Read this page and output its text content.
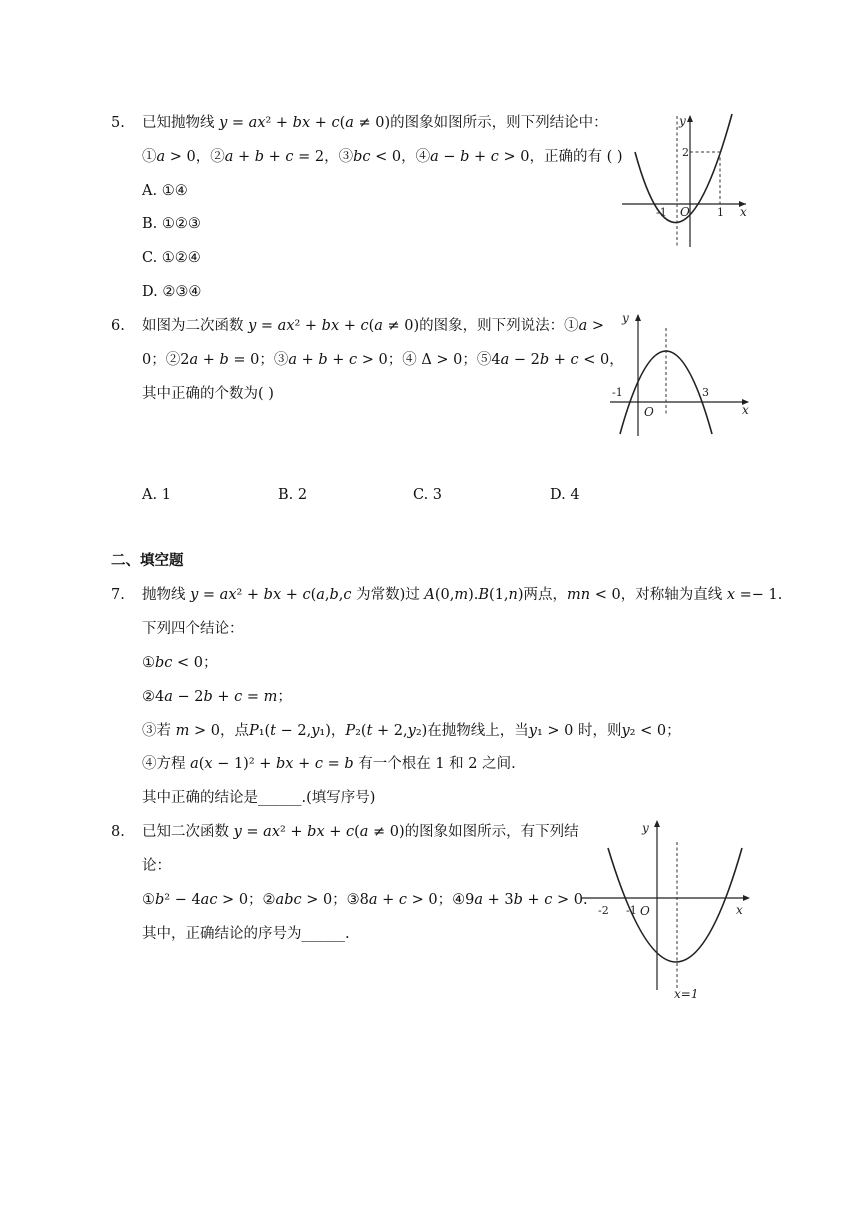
5. 已知抛物线 𝑦 = 𝑎𝑥² + 𝑏𝑥 + 𝑐(𝑎 ≠ 0)的图象如图所示，则下列结论中：
①𝑎 > 0，②𝑎 + 𝑏 + 𝑐 = 2，③𝑏𝑐 < 0，④𝑎 − 𝑏 + 𝑐 > 0，正确的有 ( )
A. ①④
B. ①②③
C. ①②④
D. ②③④
y
x
O
-1	1
2
6. 如图为二次函数 𝑦 = 𝑎𝑥² + 𝑏𝑥 + 𝑐(𝑎 ≠ 0)的图象，则下列说法：①𝑎 >
0；②2𝑎 + 𝑏 = 0；③𝑎 + 𝑏 + 𝑐 > 0；④ Δ > 0；⑤4𝑎 − 2𝑏 + 𝑐 < 0，
其中正确的个数为( )
A. 1	B. 2	C. 3	D. 4
y
x
O
-1	3
二、填空题
7. 抛物线 𝑦 = 𝑎𝑥² + 𝑏𝑥 + 𝑐(𝑎,𝑏,𝑐 为常数)过 𝐴(0,𝑚).𝐵(1,𝑛)两点，𝑚𝑛 < 0，对称轴为直线 𝑥 =− 1.
下列四个结论：
①𝑏𝑐 < 0；
②4𝑎 − 2𝑏 + 𝑐 = 𝑚；
③若 𝑚 > 0，点𝑃₁(𝑡 − 2,𝑦₁)，𝑃₂(𝑡 + 2,𝑦₂)在抛物线上，当𝑦₁ > 0 时，则𝑦₂ < 0；
④方程 𝑎(𝑥 − 1)² + 𝑏𝑥 + 𝑐 = 𝑏 有一个根在 1 和 2 之间.
其中正确的结论是______.(填写序号)
8. 已知二次函数 𝑦 = 𝑎𝑥² + 𝑏𝑥 + 𝑐(𝑎 ≠ 0)的图象如图所示，有下列结
论：
①𝑏² − 4𝑎𝑐 > 0；②𝑎𝑏𝑐 > 0；③8𝑎 + 𝑐 > 0；④9𝑎 + 3𝑏 + 𝑐 > 0.
其中，正确结论的序号为______.
y
x
O
-1
-2
x=1
